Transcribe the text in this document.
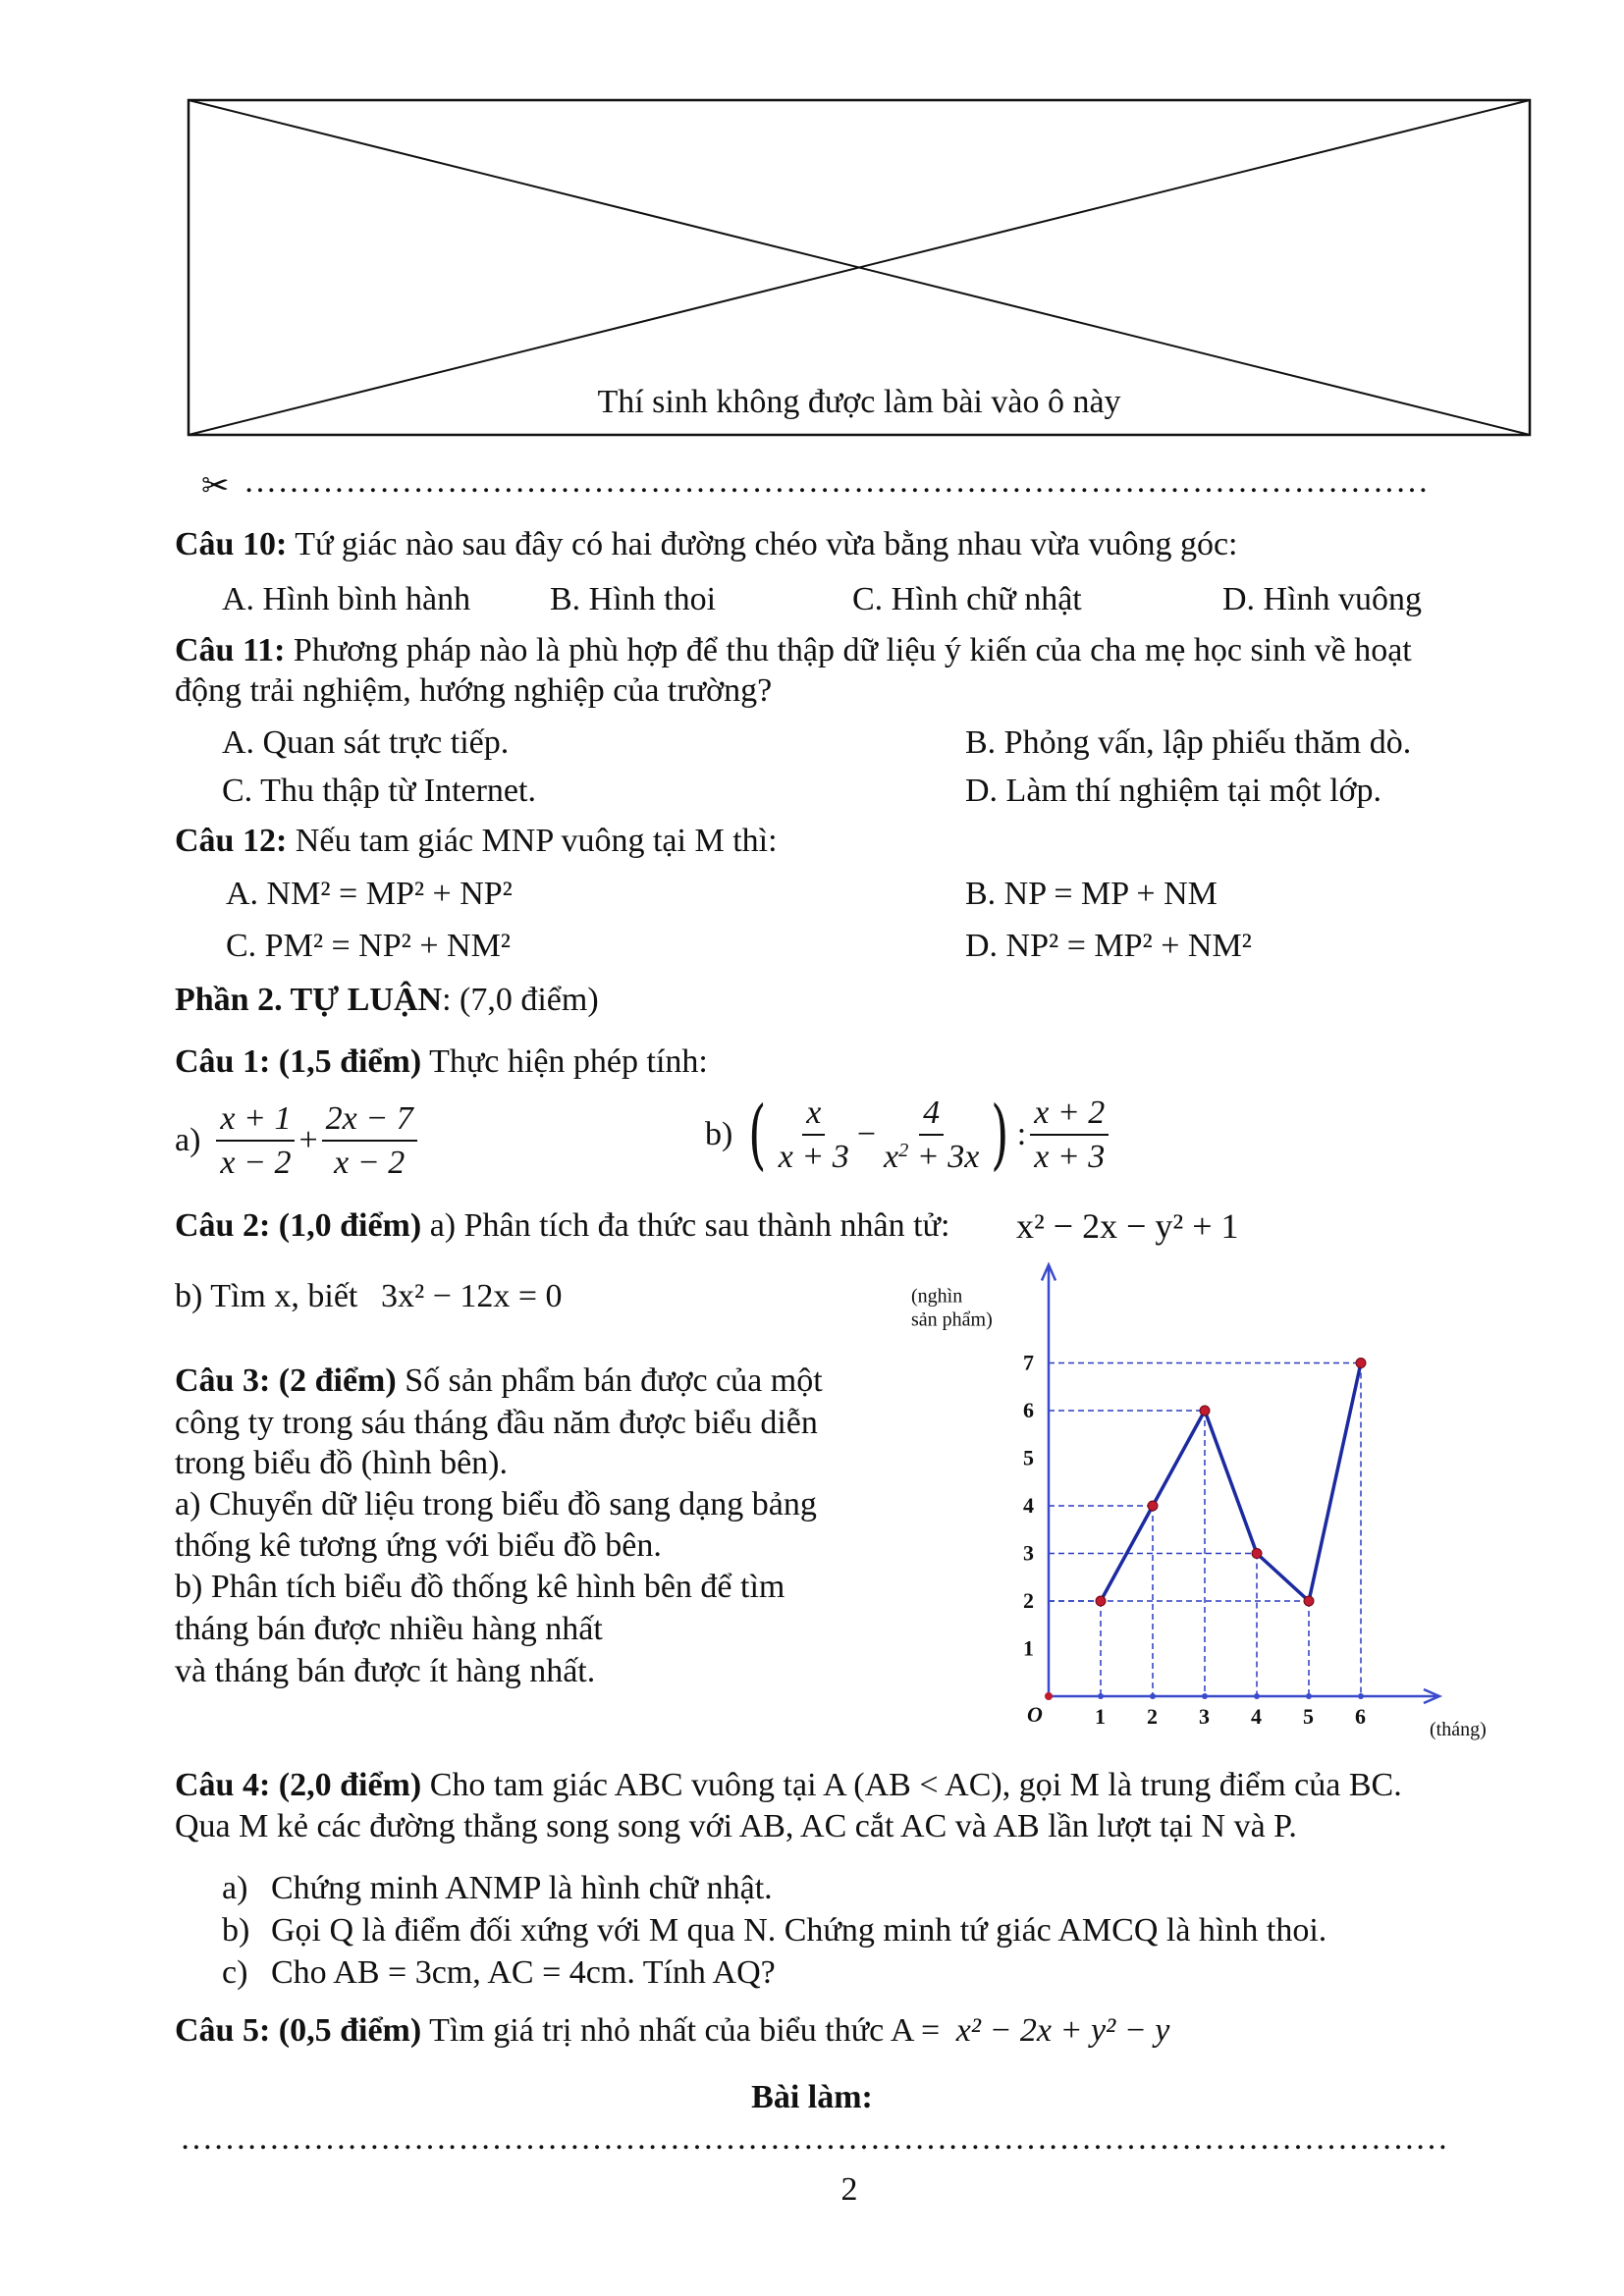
Thí sinh không được làm bài vào ô này
✂ ……………………………………………………………………………………………
Câu 10: Tứ giác nào sau đây có hai đường chéo vừa bằng nhau vừa vuông góc:
A. Hình bình hành B. Hình thoi	C. Hình chữ nhật	D. Hình vuông
Câu 11: Phương pháp nào là phù hợp để thu thập dữ liệu ý kiến của cha mẹ học sinh về hoạt
động trải nghiệm, hướng nghiệp của trường?
A. Quan sát trực tiếp.	B. Phỏng vấn, lập phiếu thăm dò.
C. Thu thập từ Internet.	D. Làm thí nghiệm tại một lớp.
Câu 12: Nếu tam giác MNP vuông tại M thì:
A. NM² = MP² + NP²	B. NP = MP + NM
C. PM² = NP² + NM²	D. NP² = MP² + NM²
Phần 2. TỰ LUẬN: (7,0 điểm)
Câu 1: (1,5 điểm) Thực hiện phép tính:
$a) \frac{x + 1}{x - 2} + \frac{2x - 7}{x - 2}$	b) ( $\frac{x}{x + 3} - \frac{4}{x^2 + 3x}$ ) : $\frac{x + 2}{x + 3}$
Câu 2: (1,0 điểm) a) Phân tích đa thức sau thành nhân tử: x² − 2x − y² + 1
b) Tìm x, biết 3x² − 12x = 0
Câu 3: (2 điểm) Số sản phẩm bán được của một
công ty trong sáu tháng đầu năm được biểu diễn
trong biểu đồ (hình bên).
a) Chuyển dữ liệu trong biểu đồ sang dạng bảng
thống kê tương ứng với biểu đồ bên.
b) Phân tích biểu đồ thống kê hình bên để tìm
tháng bán được nhiều hàng nhất
và tháng bán được ít hàng nhất.
O 1 2 3 4 5 6
1
2
3
4
5
6
7
(nghìn
sản phẩm)
(tháng)
Câu 4: (2,0 điểm) Cho tam giác ABC vuông tại A (AB < AC), gọi M là trung điểm của BC.
Qua M kẻ các đường thẳng song song với AB, AC cắt AC và AB lần lượt tại N và P.
a) Chứng minh ANMP là hình chữ nhật.
b) Gọi Q là điểm đối xứng với M qua N. Chứng minh tứ giác AMCQ là hình thoi.
c) Cho AB = 3cm, AC = 4cm. Tính AQ?
Câu 5: (0,5 điểm) Tìm giá trị nhỏ nhất của biểu thức A = x² − 2x + y² − y
Bài làm:
……………………………………………………………………………………………………
2
